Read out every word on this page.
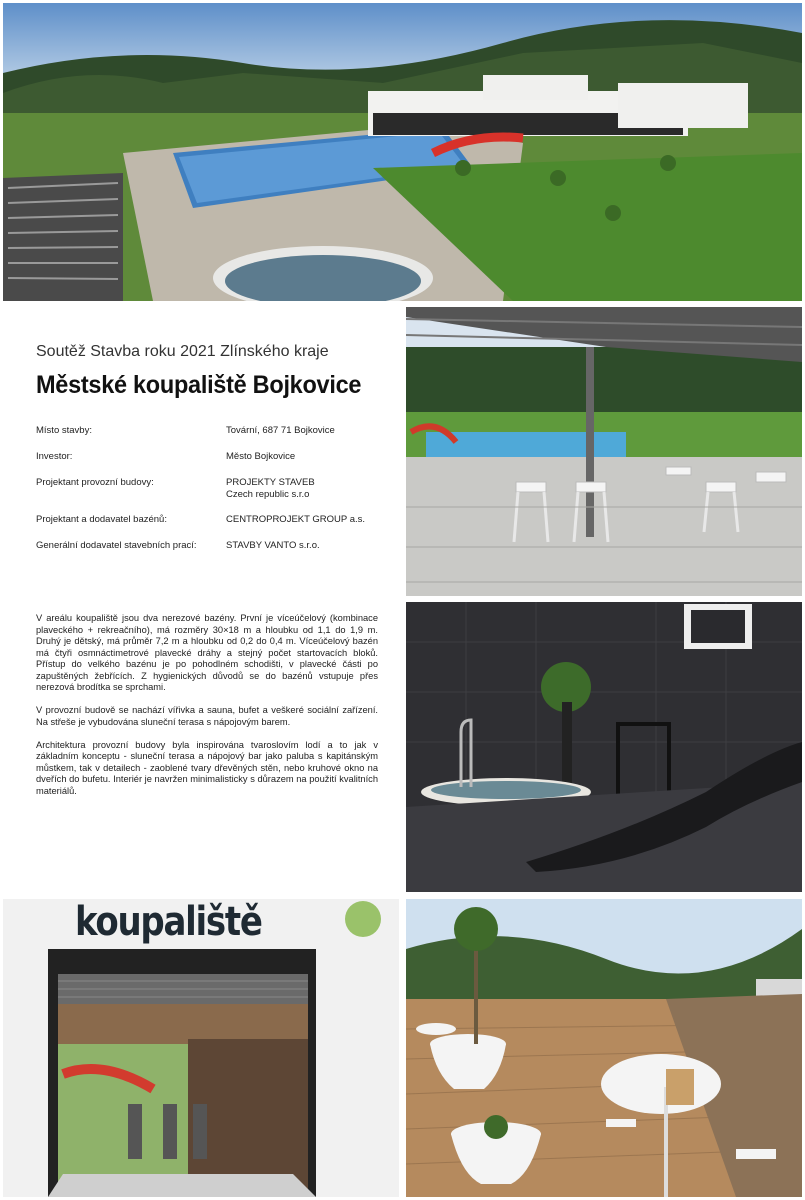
Soutěž Stavba roku 2021 Zlínského kraje
Městské koupaliště Bojkovice
Místo stavby:	Tovární, 687 71 Bojkovice
Investor:	Město Bojkovice
Projektant provozní budovy:	PROJEKTY STAVEB
Czech republic s.r.o
Projektant a dodavatel bazénů:	CENTROPROJEKT GROUP a.s.
Generální dodavatel stavebních prací:	STAVBY VANTO s.r.o.

V areálu koupaliště jsou dva nerezové bazény. První je víceúčelový (kombinace plaveckého + rekreačního), má rozměry 30×18 m a hloubku od 1,1 do 1,9 m. Druhý je dětský, má průměr 7,2 m a hloubku od 0,2 do 0,4 m. Víceúčelový bazén má čtyři osmnáctimetrové plavecké dráhy a stejný počet startovacích bloků. Přístup do velkého bazénu je po pohodlném schodišti, v plavecké části po zapuštěných žebřících. Z hygienických důvodů se do bazénů vstupuje přes nerezová brodítka se sprchami.

V provozní budově se nachází vířivka a sauna, bufet a veškeré sociální zařízení. Na střeše je vybudována sluneční terasa s nápojovým barem.

Architektura provozní budovy byla inspirována tvaroslovím lodí a to jak v základním konceptu - sluneční terasa a nápojový bar jako paluba s kapitánským můstkem, tak v detailech - zaoblené tvary dřevěných stěn, nebo kruhové okno na dveřích do bufetu. Interiér je navržen minimalisticky s důrazem na použití kvalitních materiálů.

koupaliště
